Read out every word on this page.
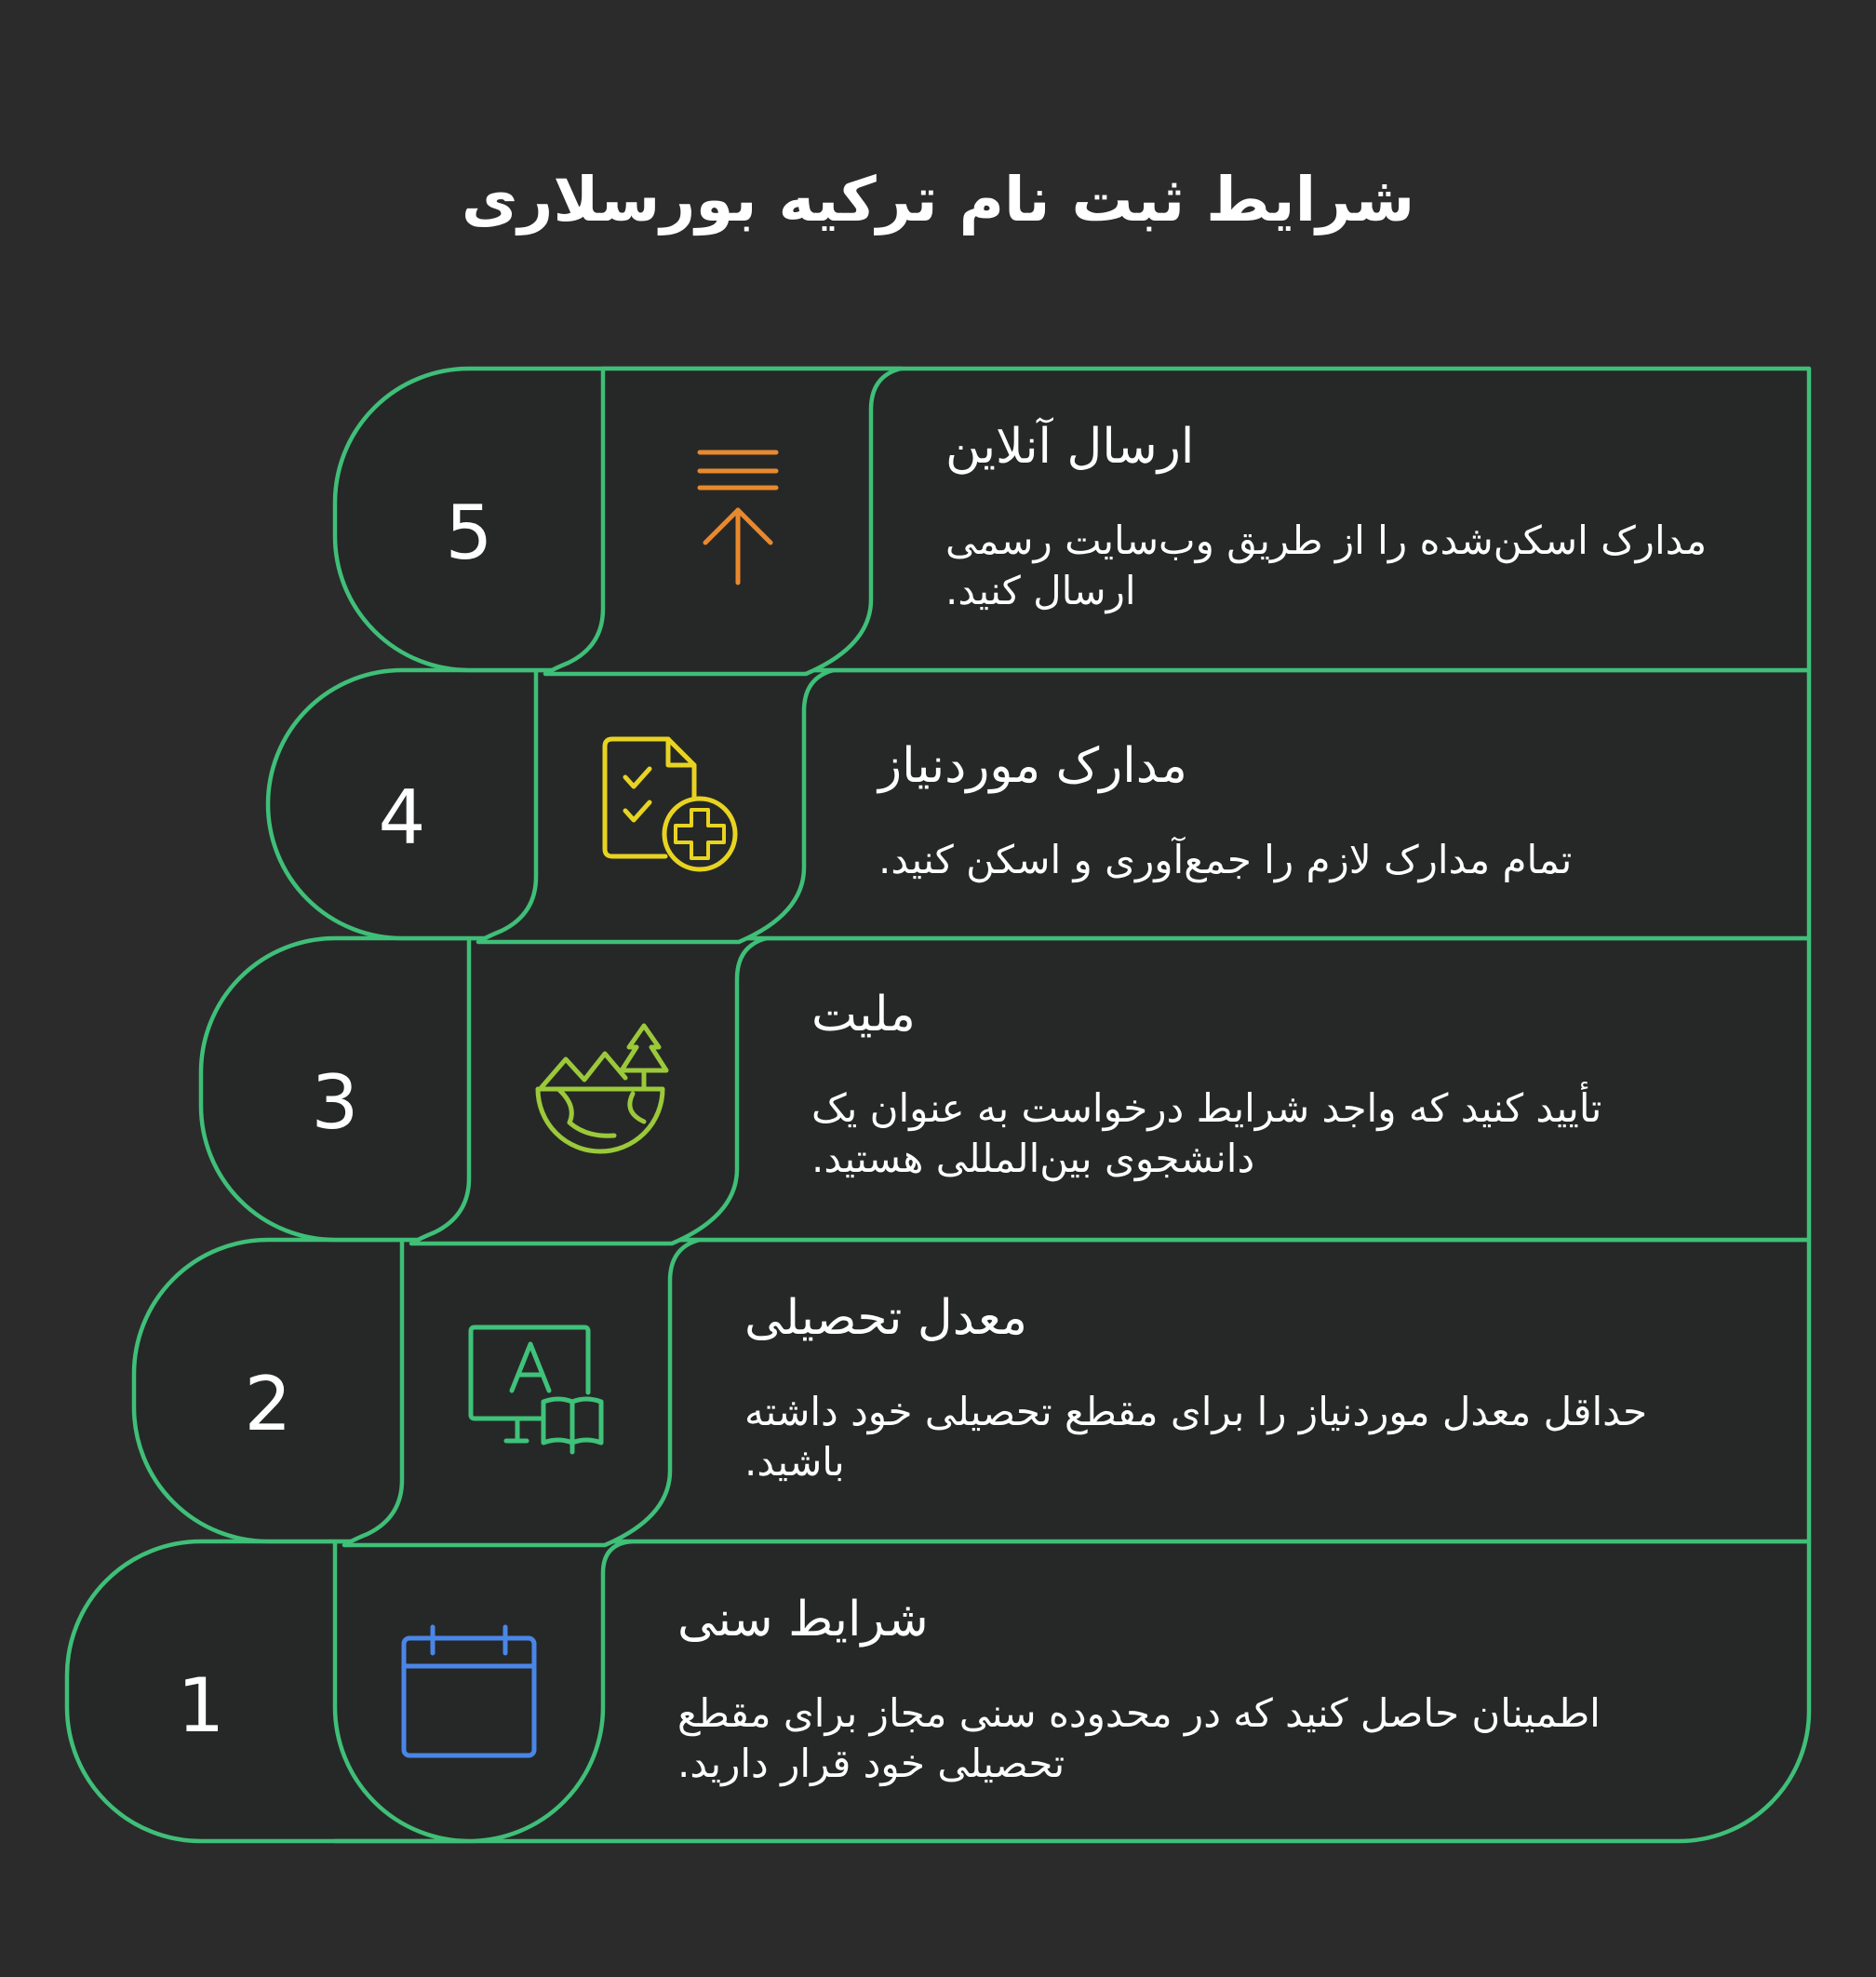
شرایط ثبت نام ترکیه بورسلاری
5
ارسال آنلاین
مدارک اسکن‌شده را از طریق وب‌سایت رسمی ارسال کنید.
4
مدارک موردنیاز
تمام مدارک لازم را جمع‌آوری و اسکن کنید.
3
ملیت
تأیید کنید که واجد شرایط درخواست به عنوان یک دانشجوی بین‌المللی هستید.
2
معدل تحصیلی
حداقل معدل موردنیاز را برای مقطع تحصیلی خود داشته باشید.
1
شرایط سنی
اطمینان حاصل کنید که در محدوده سنی مجاز برای مقطع تحصیلی خود قرار دارید.
